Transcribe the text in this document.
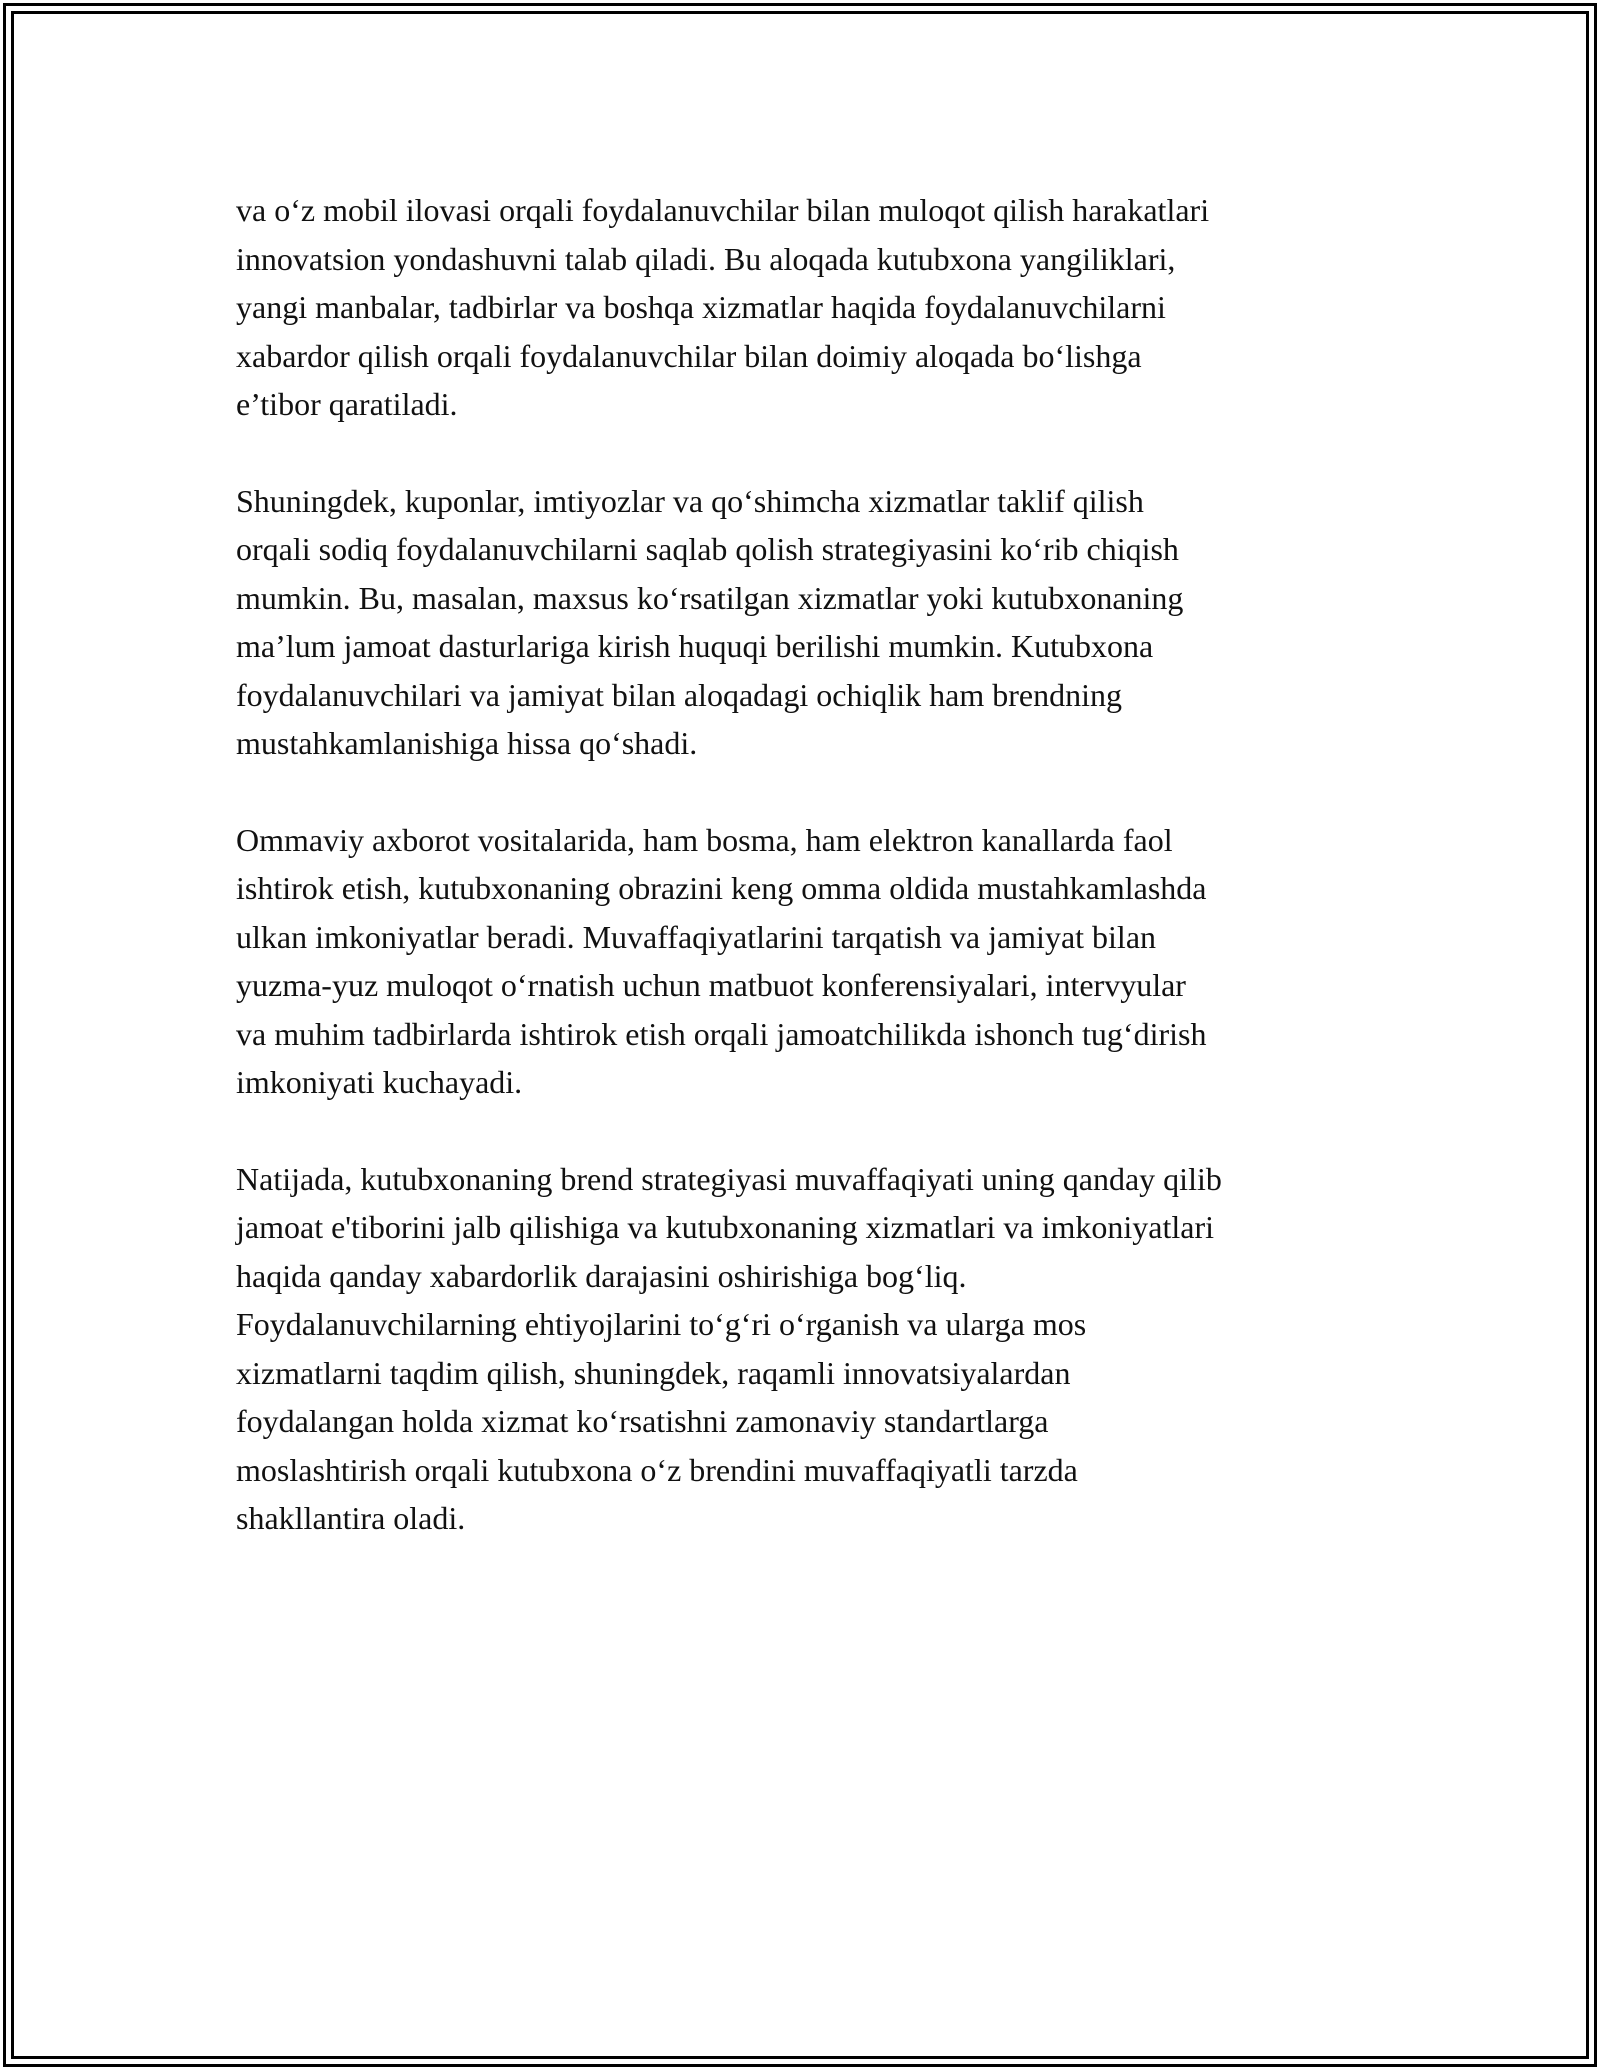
va o‘z mobil ilovasi orqali foydalanuvchilar bilan muloqot qilish harakatlari
innovatsion yondashuvni talab qiladi. Bu aloqada kutubxona yangiliklari,
yangi manbalar, tadbirlar va boshqa xizmatlar haqida foydalanuvchilarni
xabardor qilish orqali foydalanuvchilar bilan doimiy aloqada bo‘lishga
e’tibor qaratiladi.

Shuningdek, kuponlar, imtiyozlar va qo‘shimcha xizmatlar taklif qilish
orqali sodiq foydalanuvchilarni saqlab qolish strategiyasini ko‘rib chiqish
mumkin. Bu, masalan, maxsus ko‘rsatilgan xizmatlar yoki kutubxonaning
ma’lum jamoat dasturlariga kirish huquqi berilishi mumkin. Kutubxona
foydalanuvchilari va jamiyat bilan aloqadagi ochiqlik ham brendning
mustahkamlanishiga hissa qo‘shadi.

Ommaviy axborot vositalarida, ham bosma, ham elektron kanallarda faol
ishtirok etish, kutubxonaning obrazini keng omma oldida mustahkamlashda
ulkan imkoniyatlar beradi. Muvaffaqiyatlarini tarqatish va jamiyat bilan
yuzma-yuz muloqot o‘rnatish uchun matbuot konferensiyalari, intervyular
va muhim tadbirlarda ishtirok etish orqali jamoatchilikda ishonch tug‘dirish
imkoniyati kuchayadi.

Natijada, kutubxonaning brend strategiyasi muvaffaqiyati uning qanday qilib
jamoat e'tiborini jalb qilishiga va kutubxonaning xizmatlari va imkoniyatlari
haqida qanday xabardorlik darajasini oshirishiga bog‘liq.
Foydalanuvchilarning ehtiyojlarini to‘g‘ri o‘rganish va ularga mos
xizmatlarni taqdim qilish, shuningdek, raqamli innovatsiyalardan
foydalangan holda xizmat ko‘rsatishni zamonaviy standartlarga
moslashtirish orqali kutubxona o‘z brendini muvaffaqiyatli tarzda
shakllantira oladi.
